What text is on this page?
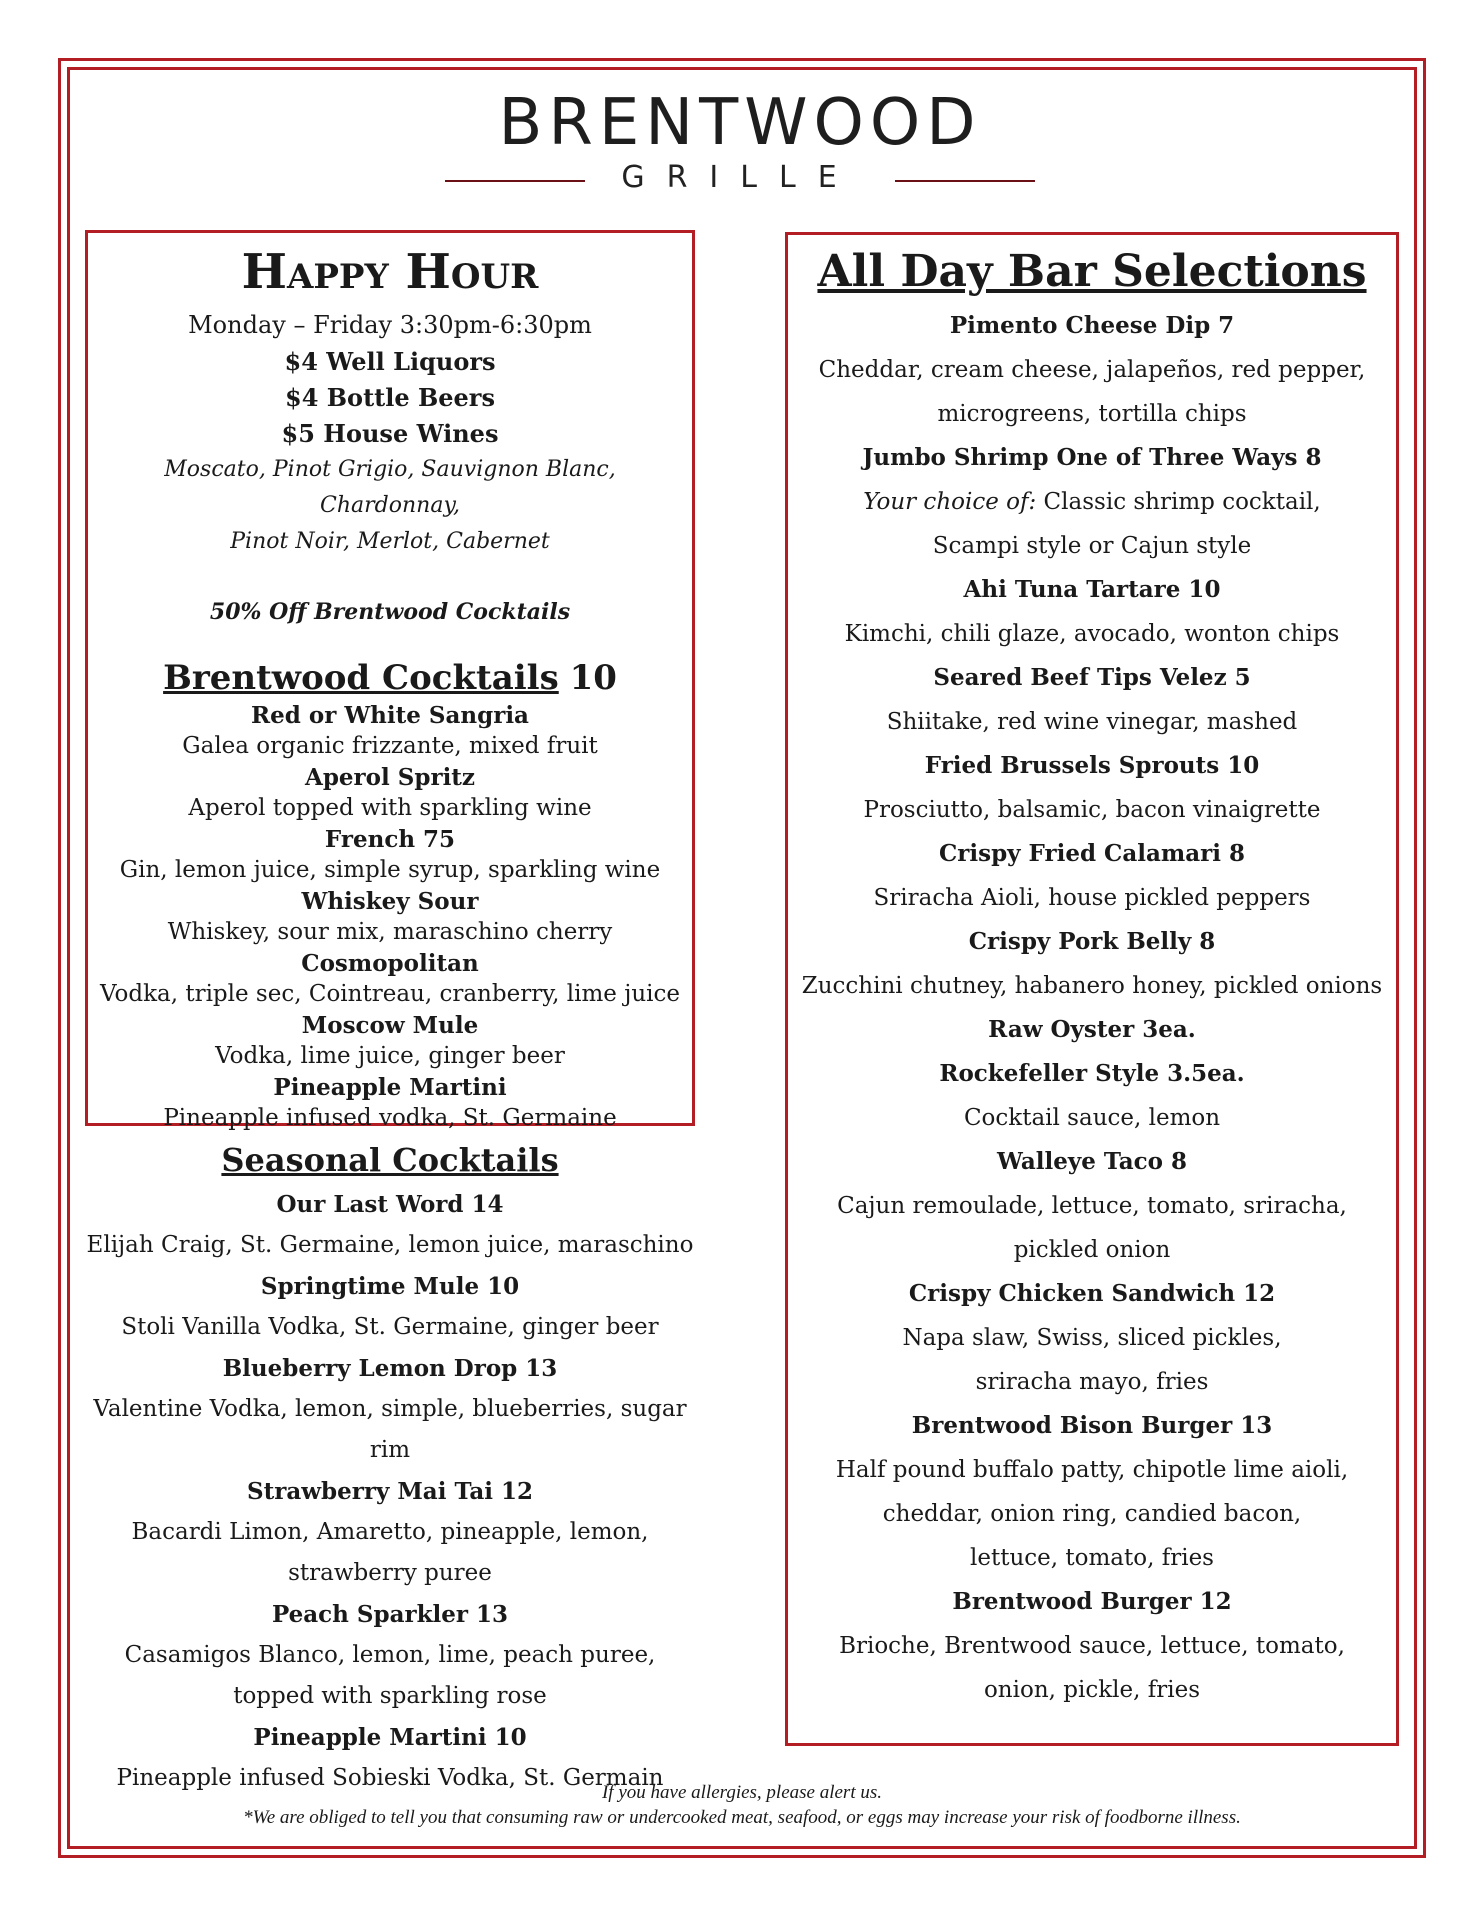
BRENTWOOD
GRILLE
Happy Hour
Monday – Friday 3:30pm-6:30pm
$4 Well Liquors
$4 Bottle Beers
$5 House Wines
Moscato, Pinot Grigio, Sauvignon Blanc, Chardonnay,
Pinot Noir, Merlot, Cabernet
50% Off Brentwood Cocktails
Brentwood Cocktails 10
Red or White Sangria
Galea organic frizzante, mixed fruit
Aperol Spritz
Aperol topped with sparkling wine
French 75
Gin, lemon juice, simple syrup, sparkling wine
Whiskey Sour
Whiskey, sour mix, maraschino cherry
Cosmopolitan
Vodka, triple sec, Cointreau, cranberry, lime juice
Moscow Mule
Vodka, lime juice, ginger beer
Pineapple Martini
Pineapple infused vodka, St. Germaine
Seasonal Cocktails
Our Last Word 14
Elijah Craig, St. Germaine, lemon juice, maraschino
Springtime Mule 10
Stoli Vanilla Vodka, St. Germaine, ginger beer
Blueberry Lemon Drop 13
Valentine Vodka, lemon, simple, blueberries, sugar rim
Strawberry Mai Tai 12
Bacardi Limon, Amaretto, pineapple, lemon,
strawberry puree
Peach Sparkler 13
Casamigos Blanco, lemon, lime, peach puree,
topped with sparkling rose
Pineapple Martini 10
Pineapple infused Sobieski Vodka, St. Germain
All Day Bar Selections
Pimento Cheese Dip 7
Cheddar, cream cheese, jalapeños, red pepper,
microgreens, tortilla chips
Jumbo Shrimp One of Three Ways 8
Your choice of: Classic shrimp cocktail,
Scampi style or Cajun style
Ahi Tuna Tartare 10
Kimchi, chili glaze, avocado, wonton chips
Seared Beef Tips Velez 5
Shiitake, red wine vinegar, mashed
Fried Brussels Sprouts 10
Prosciutto, balsamic, bacon vinaigrette
Crispy Fried Calamari 8
Sriracha Aioli, house pickled peppers
Crispy Pork Belly 8
Zucchini chutney, habanero honey, pickled onions
Raw Oyster 3ea.
Rockefeller Style 3.5ea.
Cocktail sauce, lemon
Walleye Taco 8
Cajun remoulade, lettuce, tomato, sriracha,
pickled onion
Crispy Chicken Sandwich 12
Napa slaw, Swiss, sliced pickles,
sriracha mayo, fries
Brentwood Bison Burger 13
Half pound buffalo patty, chipotle lime aioli,
cheddar, onion ring, candied bacon,
lettuce, tomato, fries
Brentwood Burger 12
Brioche, Brentwood sauce, lettuce, tomato,
onion, pickle, fries
If you have allergies, please alert us.
*We are obliged to tell you that consuming raw or undercooked meat, seafood, or eggs may increase your risk of foodborne illness.
